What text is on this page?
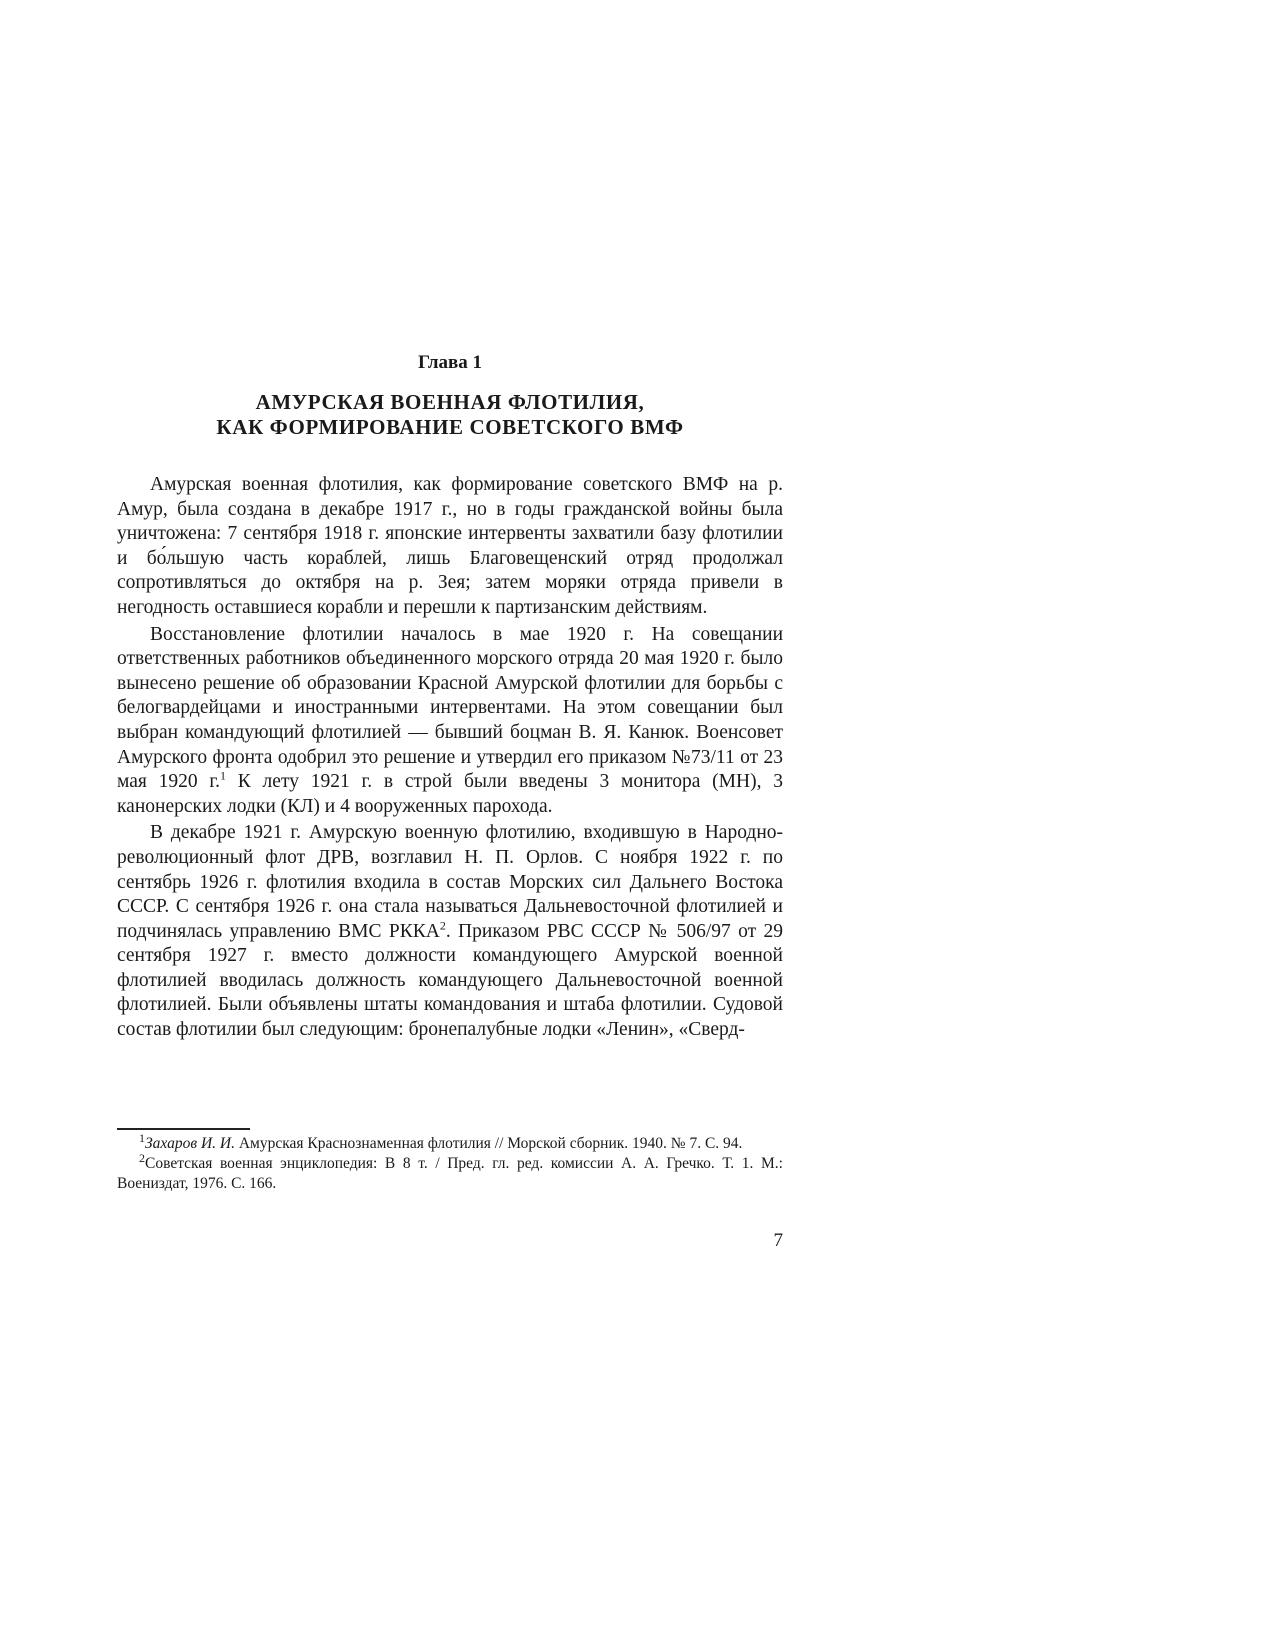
Глава 1
АМУРСКАЯ ВОЕННАЯ ФЛОТИЛИЯ,
КАК ФОРМИРОВАНИЕ СОВЕТСКОГО ВМФ

Амурская военная флотилия, как формирование советского ВМФ на р. Амур, была создана в декабре 1917 г., но в годы гражданской войны была уничтожена: 7 сентября 1918 г. японские интервенты захватили базу флотилии и бо́льшую часть кораблей, лишь Благовещенский отряд продолжал сопротивляться до октября на р. Зея; затем моряки отряда привели в негодность оставшиеся корабли и перешли к партизанским действиям.

Восстановление флотилии началось в мае 1920 г. На совещании ответственных работников объединенного морского отряда 20 мая 1920 г. было вынесено решение об образовании Красной Амурской флотилии для борьбы с белогвардейцами и иностранными интервентами. На этом совещании был выбран командующий флотилией — бывший боцман В. Я. Канюк. Военсовет Амурского фронта одобрил это решение и утвердил его приказом №73/11 от 23 мая 1920 г.$^1$ К лету 1921 г. в строй были введены 3 монитора (МН), 3 канонерских лодки (КЛ) и 4 вооруженных парохода.

В декабре 1921 г. Амурскую военную флотилию, входившую в Народно-революционный флот ДРВ, возглавил Н. П. Орлов. С ноября 1922 г. по сентябрь 1926 г. флотилия входила в состав Морских сил Дальнего Востока СССР. С сентября 1926 г. она стала называться Дальневосточной флотилией и подчинялась управлению ВМС РККА$^2$. Приказом РВС СССР № 506/97 от 29 сентября 1927 г. вместо должности командующего Амурской военной флотилией вводилась должность командующего Дальневосточной военной флотилией. Были объявлены штаты командования и штаба флотилии. Судовой состав флотилии был следующим: бронепалубные лодки «Ленин», «Сверд-

$^1$Захаров И. И. Амурская Краснознаменная флотилия // Морской сборник. 1940. № 7. С. 94.

$^2$Советская военная энциклопедия: В 8 т. / Пред. гл. ред. комиссии А. А. Гречко. Т. 1. М.: Воениздат, 1976. С. 166.

7
